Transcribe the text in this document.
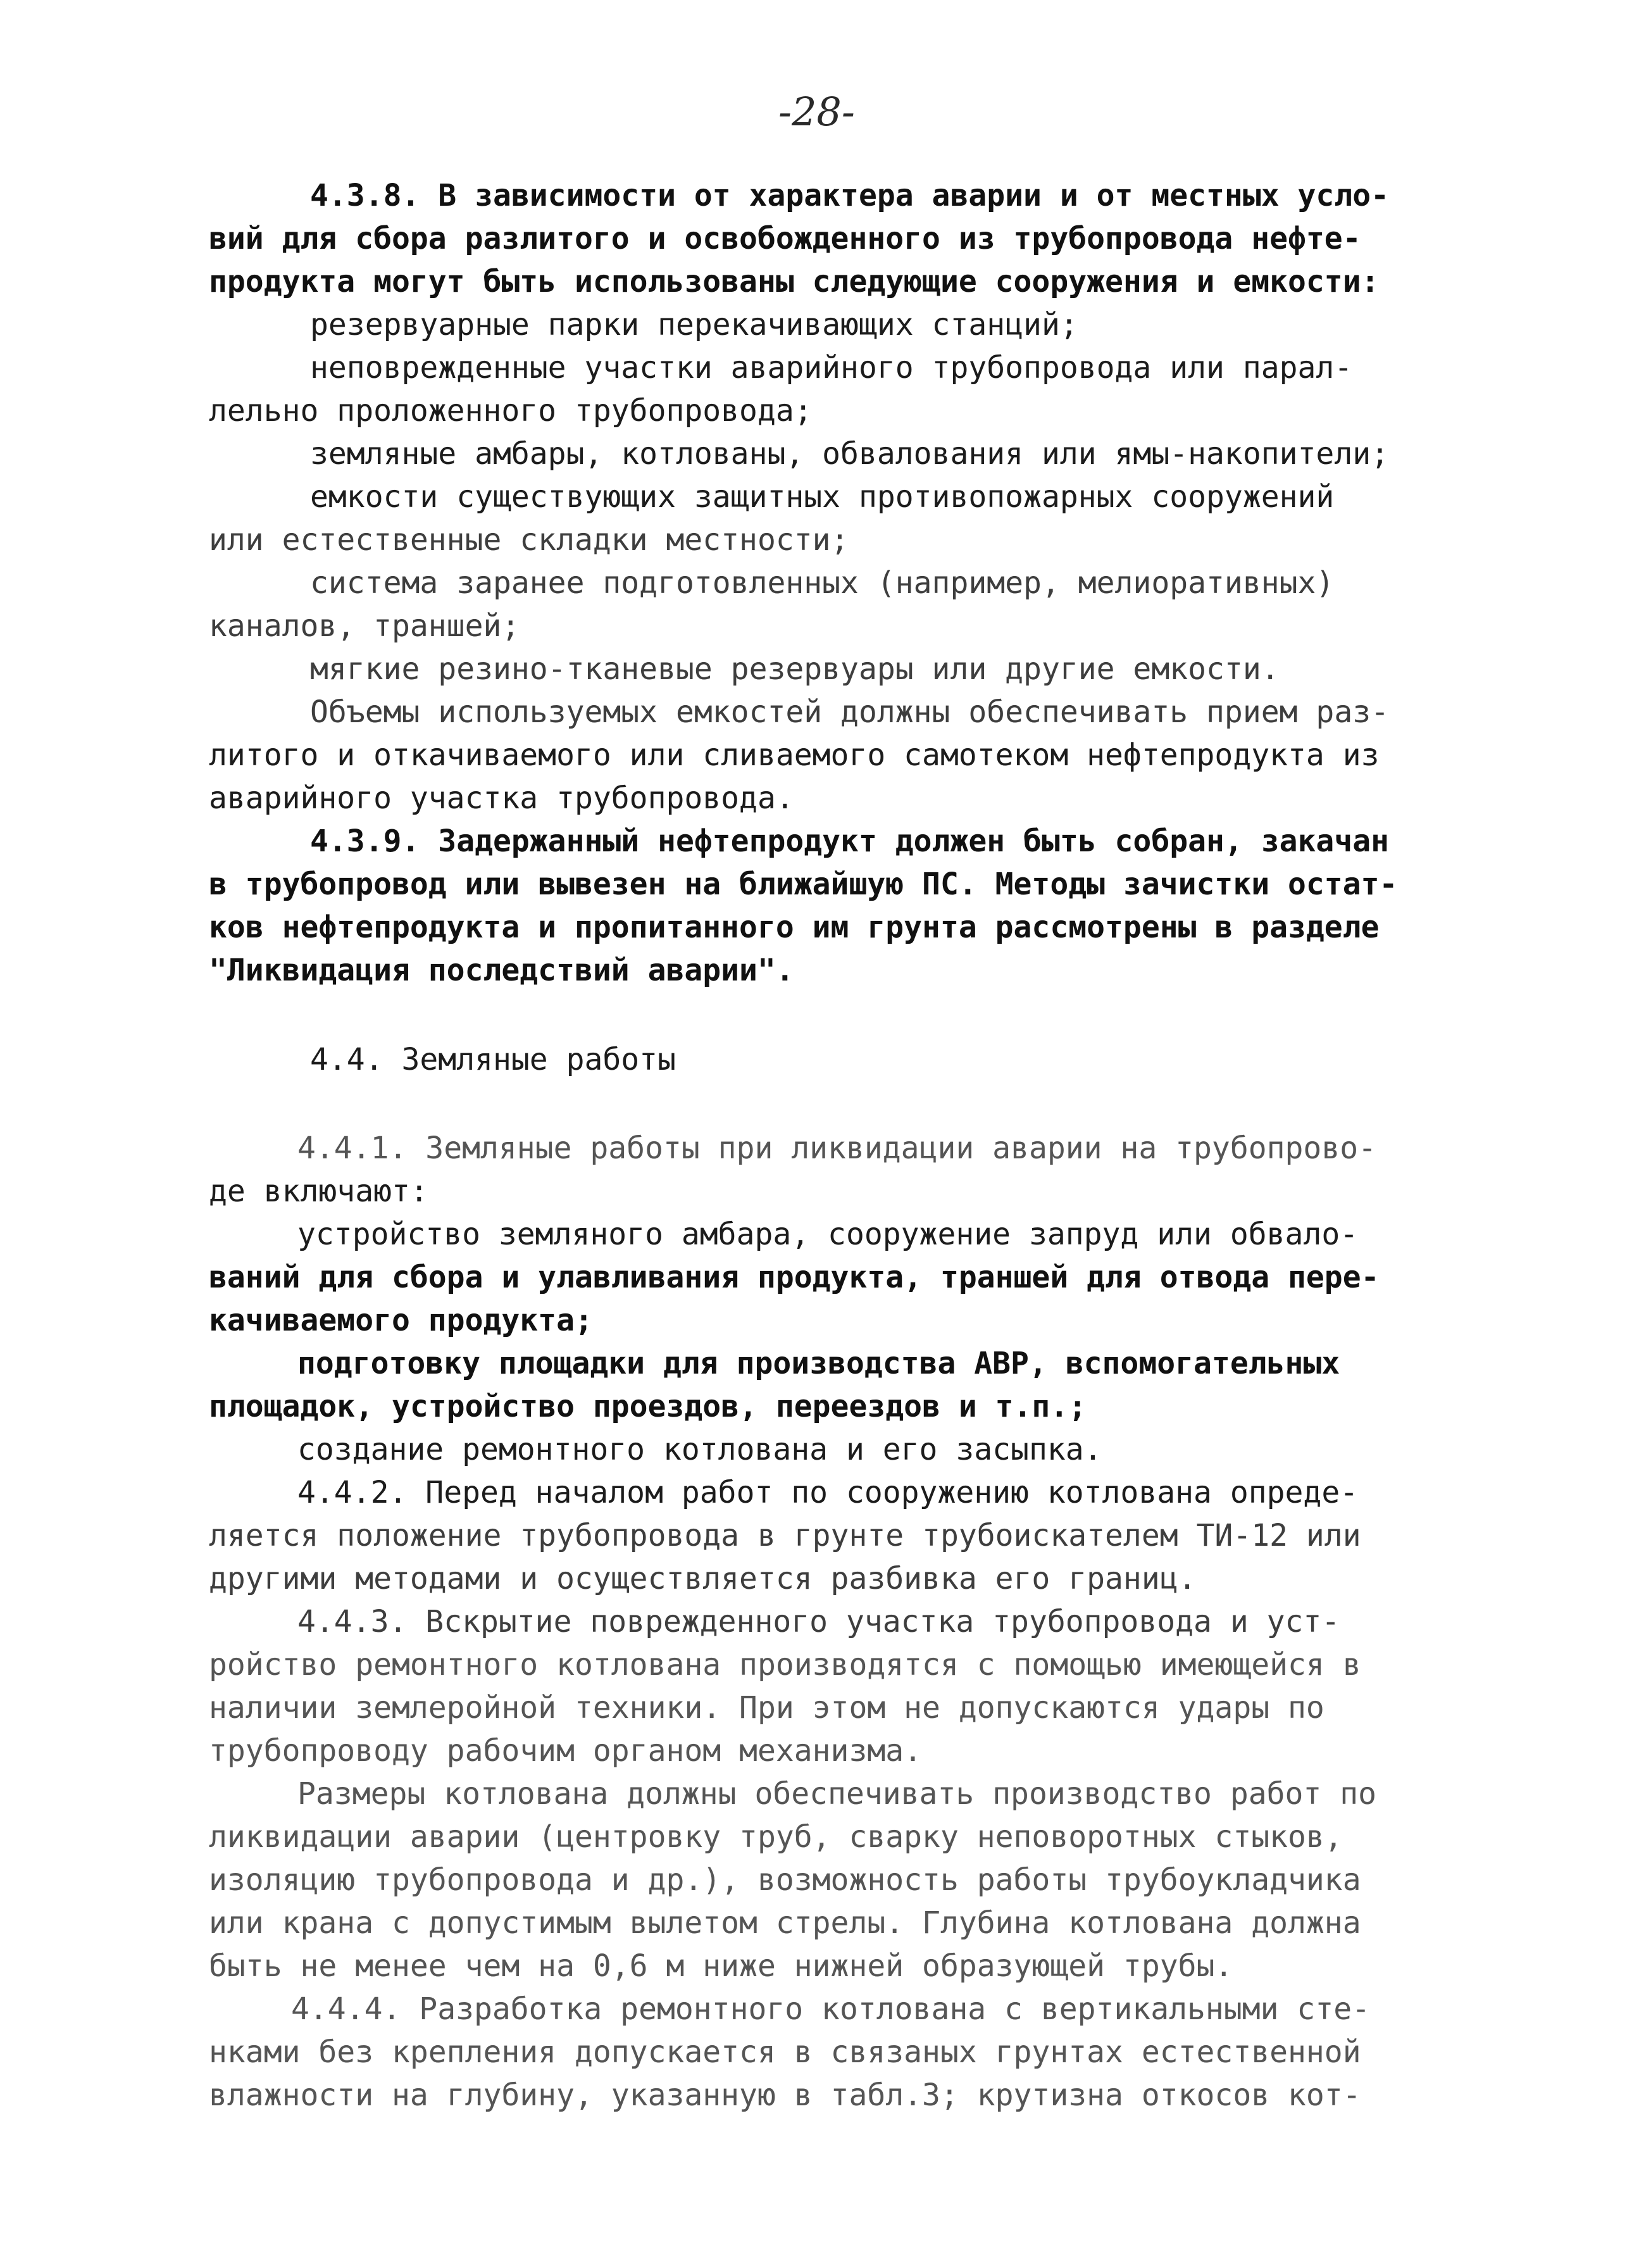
-28-
4.3.8. В зависимости от характера аварии и от местных усло-
вий для сбора разлитого и освобожденного из трубопровода нефте-
продукта могут быть использованы следующие сооружения и емкости:
резервуарные парки перекачивающих станций;
неповрежденные участки аварийного трубопровода или парал-
лельно проложенного трубопровода;
земляные амбары, котлованы, обвалования или ямы-накопители;
емкости существующих защитных противопожарных сооружений
или естественные складки местности;
система заранее подготовленных (например, мелиоративных)
каналов, траншей;
мягкие резино-тканевые резервуары или другие емкости.
Объемы используемых емкостей должны обеспечивать прием раз-
литого и откачиваемого или сливаемого самотеком нефтепродукта из
аварийного участка трубопровода.
4.3.9. Задержанный нефтепродукт должен быть собран, закачан
в трубопровод или вывезен на ближайшую ПС. Методы зачистки остат-
ков нефтепродукта и пропитанного им грунта рассмотрены в разделе
"Ликвидация последствий аварии".
4.4. Земляные работы
4.4.1. Земляные работы при ликвидации аварии на трубопрово-
де включают:
устройство земляного амбара, сооружение запруд или обвало-
ваний для сбора и улавливания продукта, траншей для отвода пере-
качиваемого продукта;
подготовку площадки для производства АВР, вспомогательных
площадок, устройство проездов, переездов и т.п.;
создание ремонтного котлована и его засыпка.
4.4.2. Перед началом работ по сооружению котлована опреде-
ляется положение трубопровода в грунте трубоискателем ТИ-12 или
другими методами и осуществляется разбивка его границ.
4.4.3. Вскрытие поврежденного участка трубопровода и уст-
ройство ремонтного котлована производятся с помощью имеющейся в
наличии землеройной техники. При этом не допускаются удары по
трубопроводу рабочим органом механизма.
Размеры котлована должны обеспечивать производство работ по
ликвидации аварии (центровку труб, сварку неповоротных стыков,
изоляцию трубопровода и др.), возможность работы трубоукладчика
или крана с допустимым вылетом стрелы. Глубина котлована должна
быть не менее чем на 0,6 м ниже нижней образующей трубы.
4.4.4. Разработка ремонтного котлована с вертикальными сте-
нками без крепления допускается в связаных грунтах естественной
влажности на глубину, указанную в табл.3; крутизна откосов кот-
